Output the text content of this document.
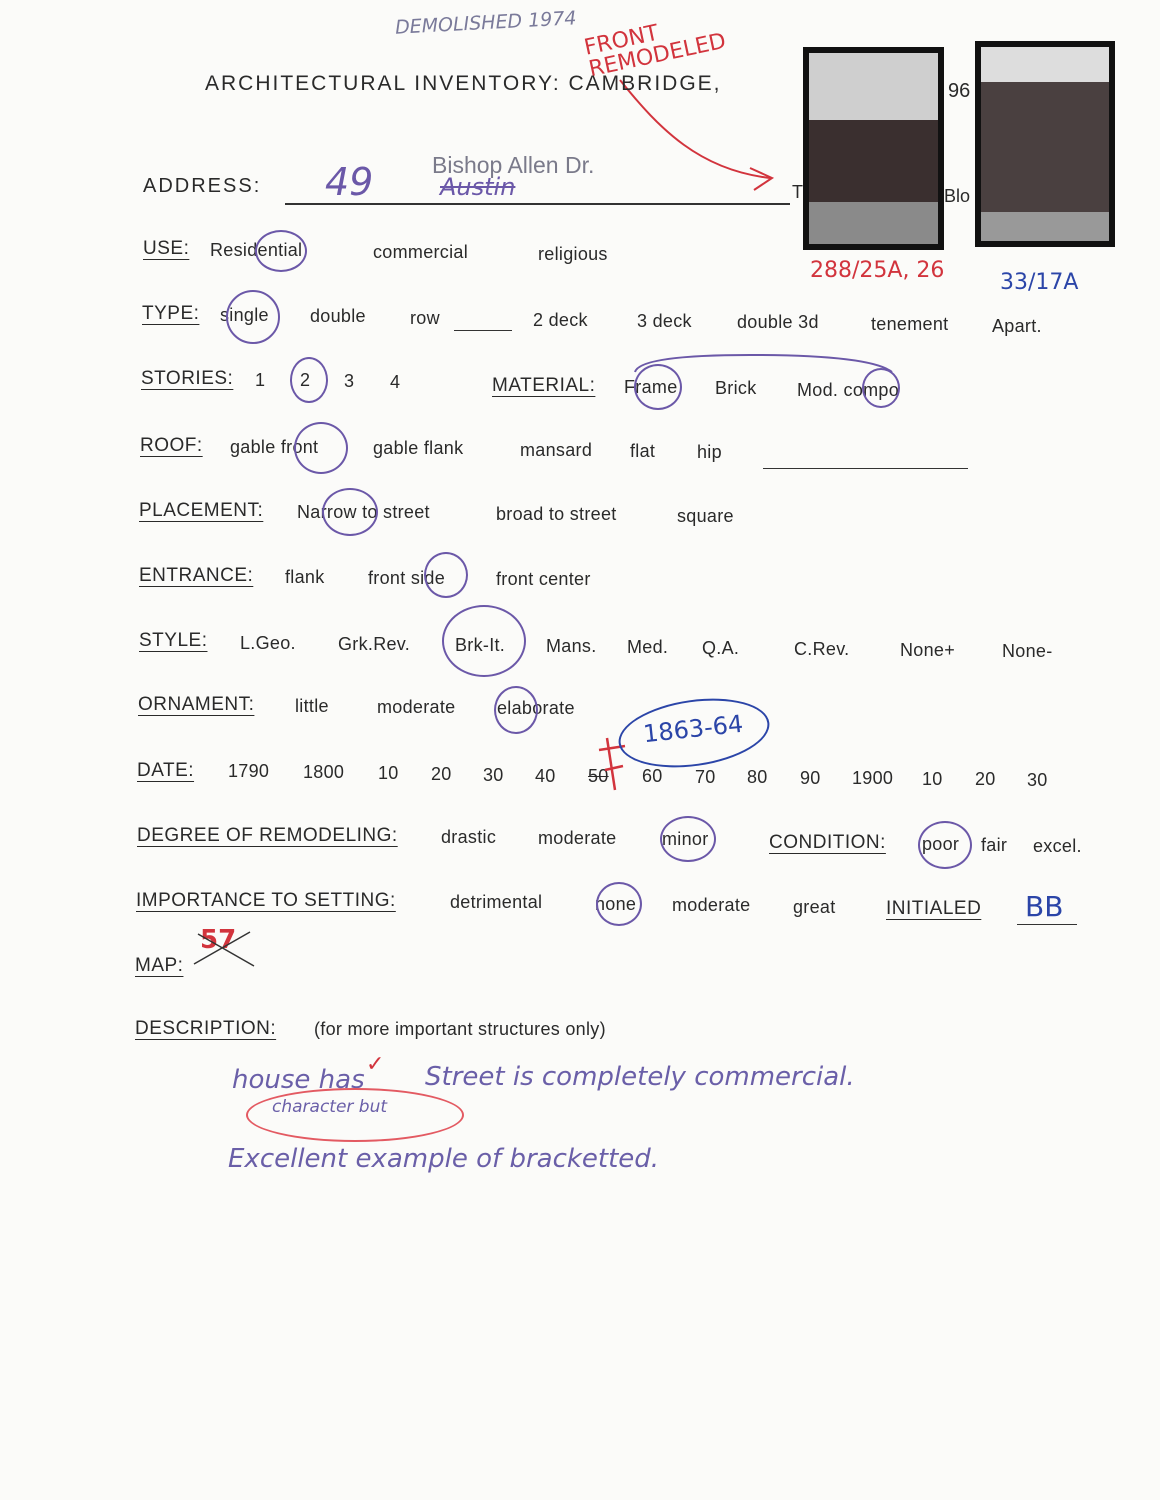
DEMOLISHED 1974 FRONT REMODELED
ARCHITECTURAL INVENTORY: CAMBRIDGE,	96
288/25A, 26	33/17A
ADDRESS: 49	Austin
Bishop Allen Dr.
T	Blo
USE: Residential	commercial	religious
TYPE: single double row	2 deck	3 deck	double 3d	tenement Apart.
STORIES: 1 2 3 4	MATERIAL: Frame Brick Mod. compo
ROOF: gable front	gable flank	mansard flat hip
PLACEMENT: Narrow to street	broad to street	square
ENTRANCE: flank front side	front center
STYLE: L.Geo. Grk.Rev. Brk-It. Mans. Med. Q.A.	C.Rev.	None+	None-
ORNAMENT: little	moderate elaborate
DATE: 1790 1800 10 20 30 40 50 60 70 80 90 1900 10 20 30
1863-64
DEGREE OF REMODELING: drastic moderate	minor	CONDITION: poor fair excel.
IMPORTANCE TO SETTING:	detrimental	none moderate great	INITIALED BB
MAP:
57
DESCRIPTION: (for more important structures only)
house has
✓ Street is completely commercial.
character but
Excellent example of bracketted.
